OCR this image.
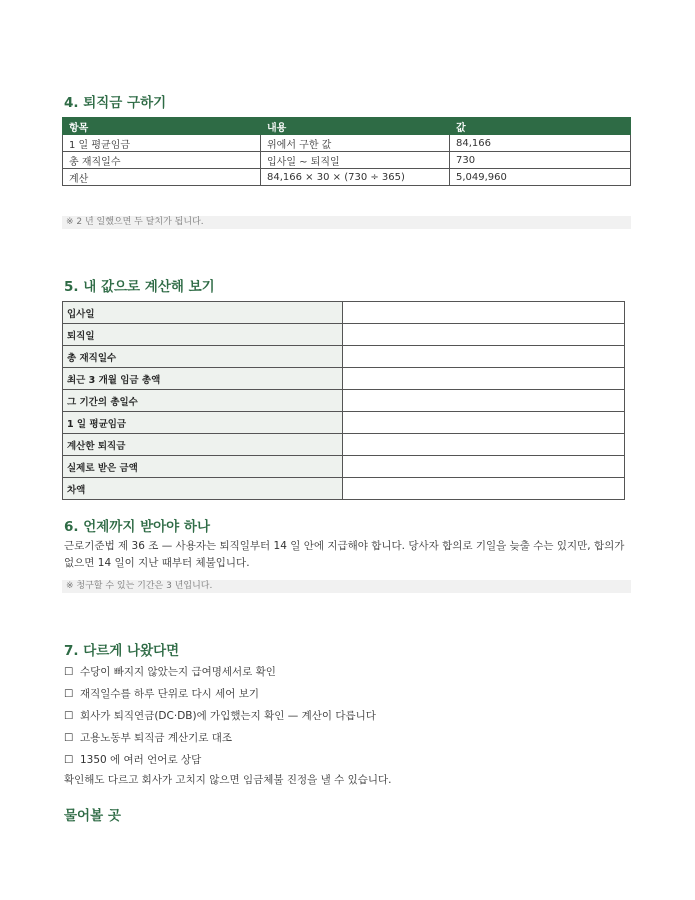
4. 퇴직금 구하기
항목	내용	값
1 일 평균임금	위에서 구한 값	84,166
총 재직일수	입사일 ~ 퇴직일	730
계산	84,166 × 30 × (730 ÷ 365)	5,049,960
※ 2 년 일했으면 두 달치가 됩니다.
5. 내 값으로 계산해 보기
입사일	
퇴직일	
총 재직일수	
최근 3 개월 임금 총액	
그 기간의 총일수	
1 일 평균임금	
계산한 퇴직금	
실제로 받은 금액	
차액	
6. 언제까지 받아야 하나

근로기준법 제 36 조 — 사용자는 퇴직일부터 14 일 안에 지급해야 합니다. 당사자 합의로 기일을 늦출 수는 있지만, 합의가 없으면 14 일이 지난 때부터 체불입니다.

※ 청구할 수 있는 기간은 3 년입니다.
7. 다르게 나왔다면
☐ 수당이 빠지지 않았는지 급여명세서로 확인
☐ 재직일수를 하루 단위로 다시 세어 보기
☐ 회사가 퇴직연금(DC·DB)에 가입했는지 확인 — 계산이 다릅니다
☐ 고용노동부 퇴직금 계산기로 대조
☐ 1350 에 여러 언어로 상담

확인해도 다르고 회사가 고치지 않으면 임금체불 진정을 낼 수 있습니다.

물어볼 곳
